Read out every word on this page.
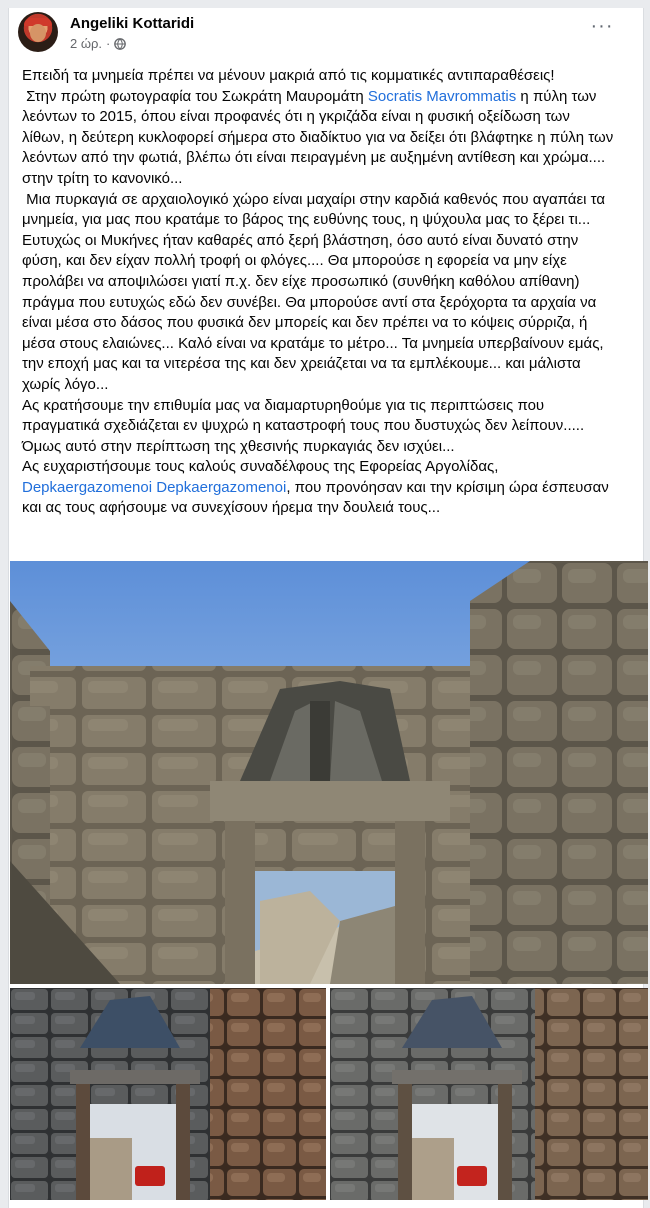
Angeliki Kottaridi
2 ώρ. ·
···
Επειδή τα μνημεία πρέπει να μένουν μακριά από τις κομματικές αντιπαραθέσεις!
Στην πρώτη φωτογραφία του Σωκράτη Μαυρομάτη Socratis Mavrommatis η πύλη των λεόντων το 2015, όπου είναι προφανές ότι η γκριζάδα είναι η φυσική οξείδωση των λίθων, η δεύτερη κυκλοφορεί σήμερα στο διαδίκτυο για να δείξει ότι βλάφτηκε η πύλη των λεόντων από την φωτιά, βλέπω ότι είναι πειραγμένη με αυξημένη αντίθεση και χρώμα.... στην τρίτη το κανονικό...
Μια πυρκαγιά σε αρχαιολογικό χώρο είναι μαχαίρι στην καρδιά καθενός που αγαπάει τα μνημεία, για μας που κρατάμε το βάρος της ευθύνης τους, η ψύχουλα μας το ξέρει τι...
Ευτυχώς οι Μυκήνες ήταν καθαρές από ξερή βλάστηση, όσο αυτό είναι δυνατό στην φύση, και δεν είχαν πολλή τροφή οι φλόγες.... Θα μπορούσε η εφορεία να μην είχε προλάβει να αποψιλώσει γιατί π.χ. δεν είχε προσωπικό (συνθήκη καθόλου απίθανη) πράγμα που ευτυχώς εδώ δεν συνέβει. Θα μπορούσε αντί στα ξερόχορτα τα αρχαία να είναι μέσα στο δάσος που φυσικά δεν μπορείς και δεν πρέπει να το κόψεις σύρριζα, ή μέσα στους ελαιώνες... Καλό είναι να κρατάμε το μέτρο... Τα μνημεία υπερβαίνουν εμάς, την εποχή μας και τα νιτερέσα της και δεν χρειάζεται να τα εμπλέκουμε... και μάλιστα χωρίς λόγο...
Ας κρατήσουμε την επιθυμία μας να διαμαρτυρηθούμε για τις περιπτώσεις που πραγματικά σχεδιάζεται εν ψυχρώ η καταστροφή τους που δυστυχώς δεν λείπουν..... Όμως αυτό στην περίπτωση της χθεσινής πυρκαγιάς δεν ισχύει...
Ας ευχαριστήσουμε τους καλούς συναδέλφους της Εφορείας Αργολίδας, Depkaergazomenoi Depkaergazomenoi, που προνόησαν και την κρίσιμη ώρα έσπευσαν και ας τους αφήσουμε να συνεχίσουν ήρεμα την δουλειά τους...
